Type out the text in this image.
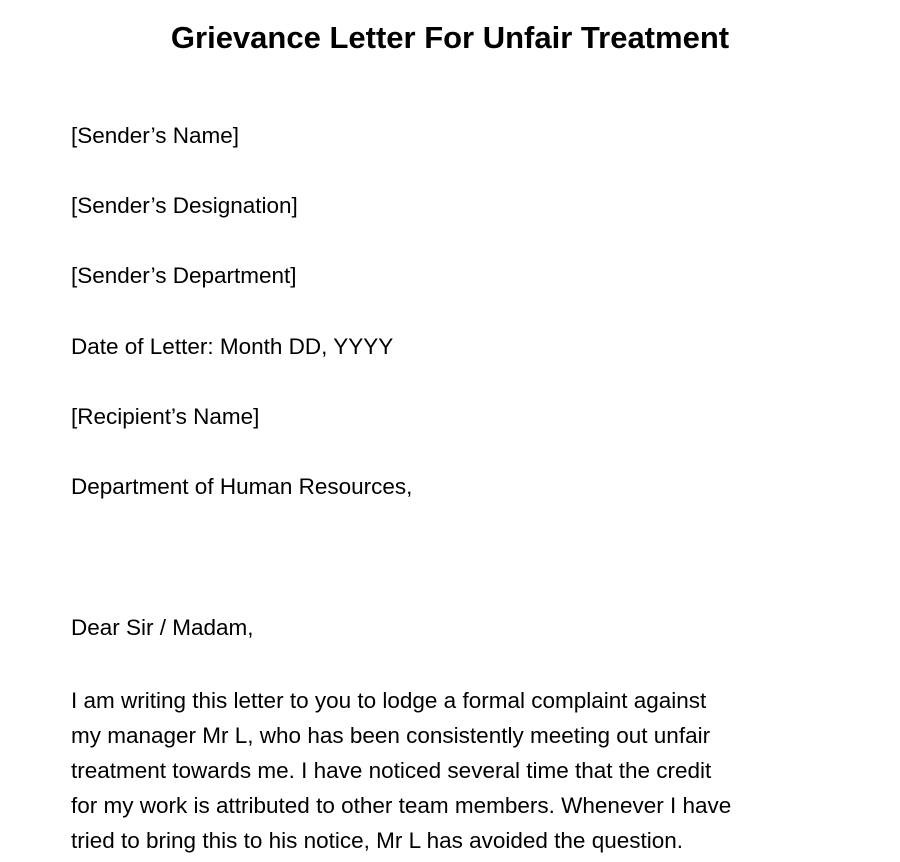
Grievance Letter For Unfair Treatment

[Sender’s Name]

[Sender’s Designation]

[Sender’s Department]

Date of Letter: Month DD, YYYY

[Recipient’s Name]

Department of Human Resources,

Dear Sir / Madam,

I am writing this letter to you to lodge a formal complaint against
my manager Mr L, who has been consistently meeting out unfair
treatment towards me. I have noticed several time that the credit
for my work is attributed to other team members. Whenever I have
tried to bring this to his notice, Mr L has avoided the question.
